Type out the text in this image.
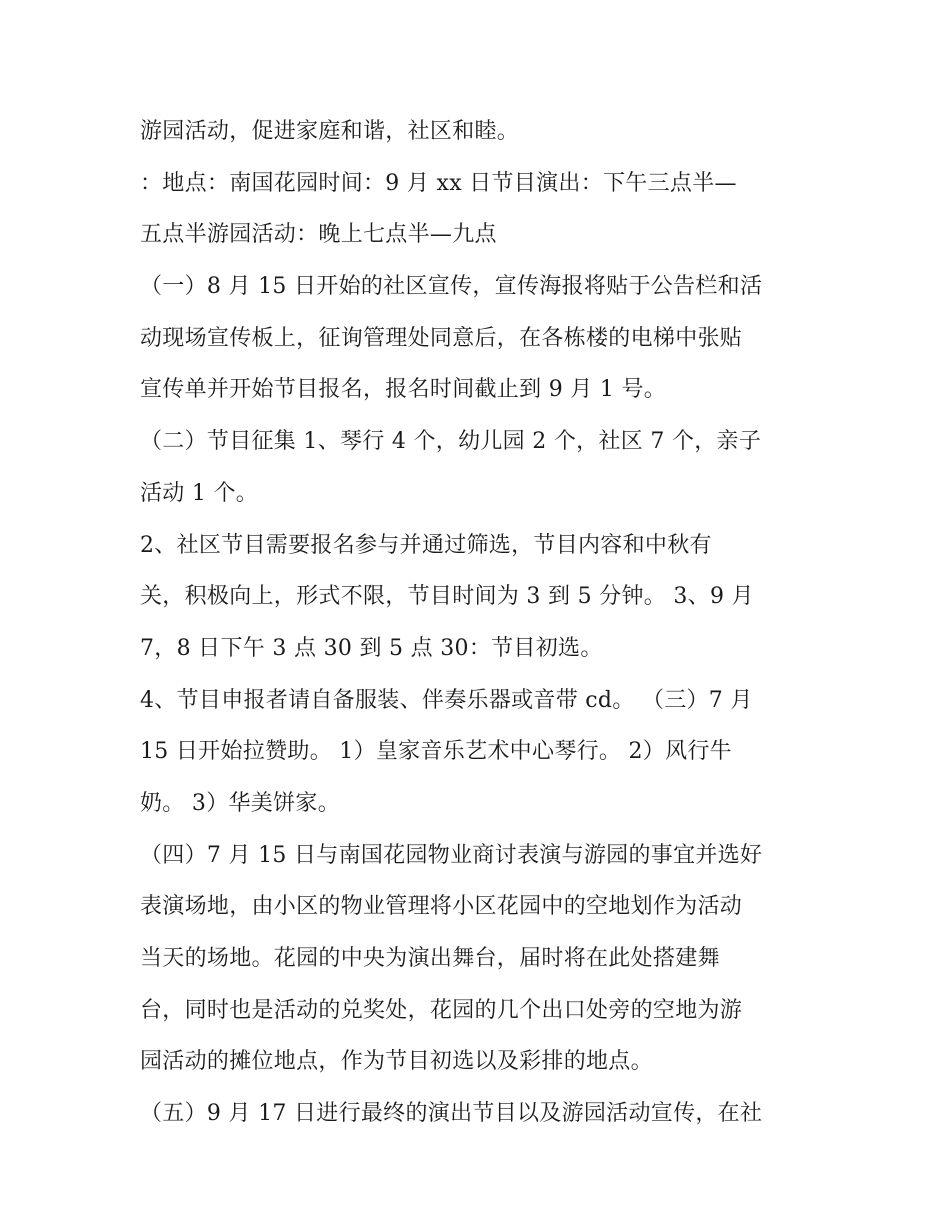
游园活动，促进家庭和谐，社区和睦。
：地点：南国花园时间：9 月 xx 日节目演出：下午三点半—
五点半游园活动：晚上七点半—九点
（一）8 月 15 日开始的社区宣传，宣传海报将贴于公告栏和活
动现场宣传板上，征询管理处同意后，在各栋楼的电梯中张贴
宣传单并开始节目报名，报名时间截止到 9 月 1 号。
（二）节目征集 1、琴行 4 个，幼儿园 2 个，社区 7 个，亲子
活动 1 个。
2、社区节目需要报名参与并通过筛选，节目内容和中秋有
关，积极向上，形式不限，节目时间为 3 到 5 分钟。 3、9 月
7，8 日下午 3 点 30 到 5 点 30：节目初选。
4、节目申报者请自备服装、伴奏乐器或音带 cd。 （三）7 月
15 日开始拉赞助。 1）皇家音乐艺术中心琴行。 2）风行牛
奶。 3）华美饼家。
（四）7 月 15 日与南国花园物业商讨表演与游园的事宜并选好
表演场地，由小区的物业管理将小区花园中的空地划作为活动
当天的场地。花园的中央为演出舞台，届时将在此处搭建舞
台，同时也是活动的兑奖处，花园的几个出口处旁的空地为游
园活动的摊位地点，作为节目初选以及彩排的地点。
（五）9 月 17 日进行最终的演出节目以及游园活动宣传，在社
